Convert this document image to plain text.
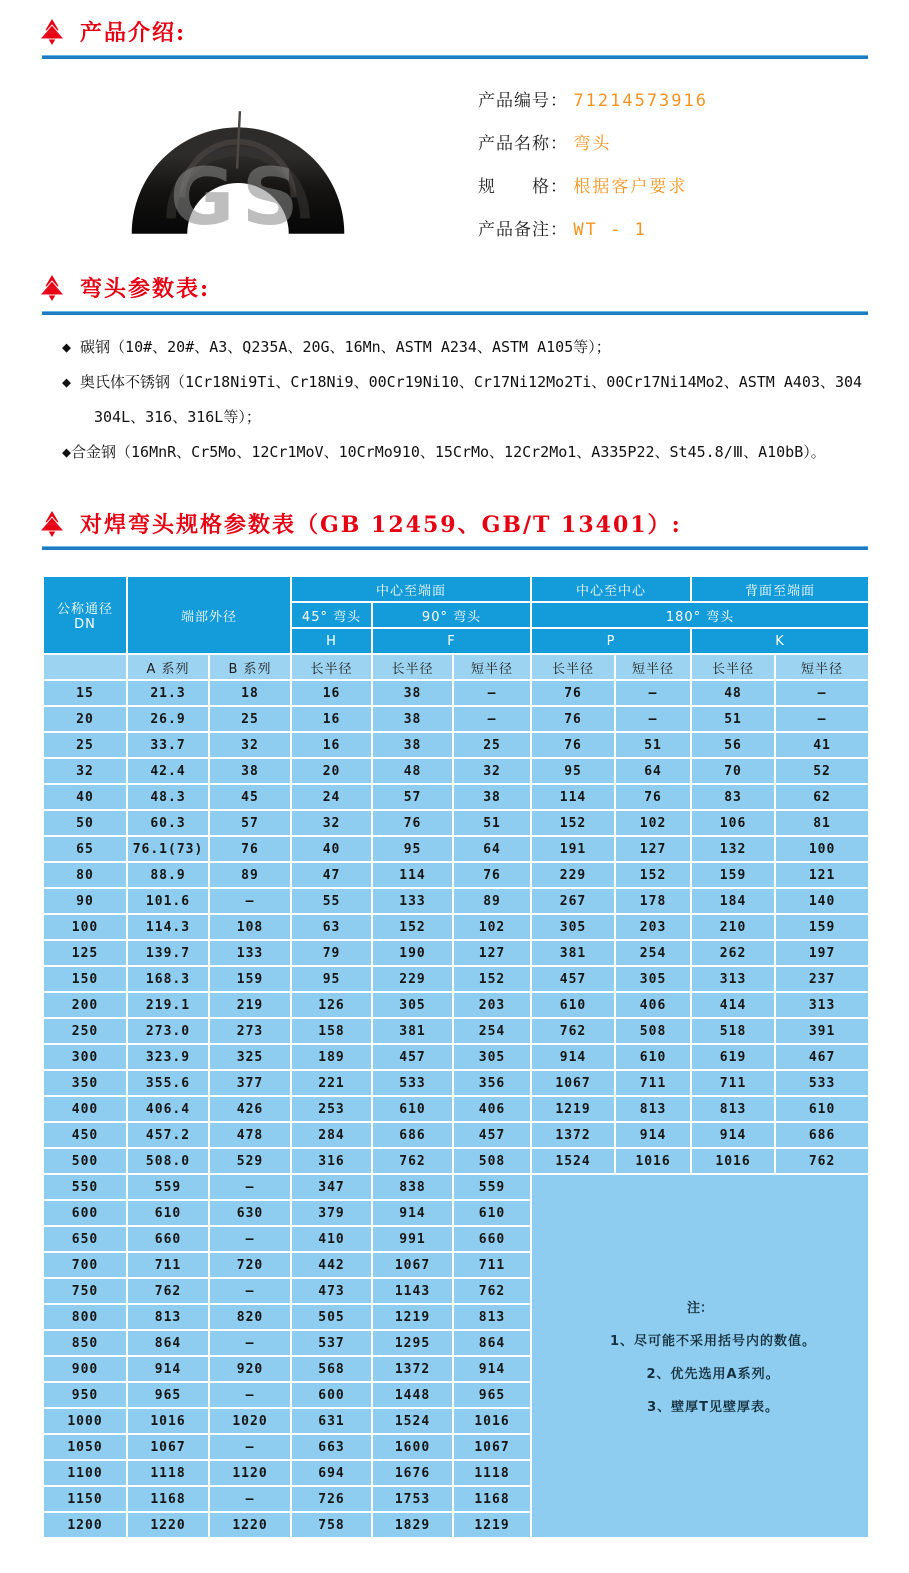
产品介绍:
GS
产品编号： 71214573916
产品名称： 弯头
规　　格： 根据客户要求
产品备注： WT - 1
弯头参数表:
◆ 碳钢（10#、20#、A3、Q235A、20G、16Mn、ASTM A234、ASTM A105等）；
◆ 奥氏体不锈钢（1Cr18Ni9Ti、Cr18Ni9、00Cr19Ni10、Cr17Ni12Mo2Ti、00Cr17Ni14Mo2、ASTM A403、304 304L、316、316L等）；
◆合金钢（16MnR、Cr5Mo、12Cr1MoV、10CrMo910、15CrMo、12Cr2Mo1、A335P22、St45.8/Ⅲ、A10bB）。
对焊弯头规格参数表（GB 12459、GB/T 13401）:
公称通径
DN	端部外径		中心至端面			中心至中心		背面至端面	
			45° 弯头	90° 弯头		180° 弯头			
			H	F		P		K	
	A 系列	B 系列	长半径	长半径	短半径	长半径	短半径	长半径	短半径
15	21.3	18	16	38	—	76	—	48	—
20	26.9	25	16	38	—	76	—	51	—
25	33.7	32	16	38	25	76	51	56	41
32	42.4	38	20	48	32	95	64	70	52
40	48.3	45	24	57	38	114	76	83	62
50	60.3	57	32	76	51	152	102	106	81
65	76.1(73)	76	40	95	64	191	127	132	100
80	88.9	89	47	114	76	229	152	159	121
90	101.6	—	55	133	89	267	178	184	140
100	114.3	108	63	152	102	305	203	210	159
125	139.7	133	79	190	127	381	254	262	197
150	168.3	159	95	229	152	457	305	313	237
200	219.1	219	126	305	203	610	406	414	313
250	273.0	273	158	381	254	762	508	518	391
300	323.9	325	189	457	305	914	610	619	467
350	355.6	377	221	533	356	1067	711	711	533
400	406.4	426	253	610	406	1219	813	813	610
450	457.2	478	284	686	457	1372	914	914	686
500	508.0	529	316	762	508	1524	1016	1016	762
550	559	—	347	838	559	注：
1、尽可能不采用括号内的数值。
2、优先选用A系列。
3、壁厚T见壁厚表。			

600	610	630	379	914	610				
650	660	—	410	991	660				
700	711	720	442	1067	711				
750	762	—	473	1143	762				
800	813	820	505	1219	813				
850	864	—	537	1295	864				
900	914	920	568	1372	914				
950	965	—	600	1448	965				
1000	1016	1020	631	1524	1016				
1050	1067	—	663	1600	1067				
1100	1118	1120	694	1676	1118				
1150	1168	—	726	1753	1168				
1200	1220	1220	758	1829	1219				
